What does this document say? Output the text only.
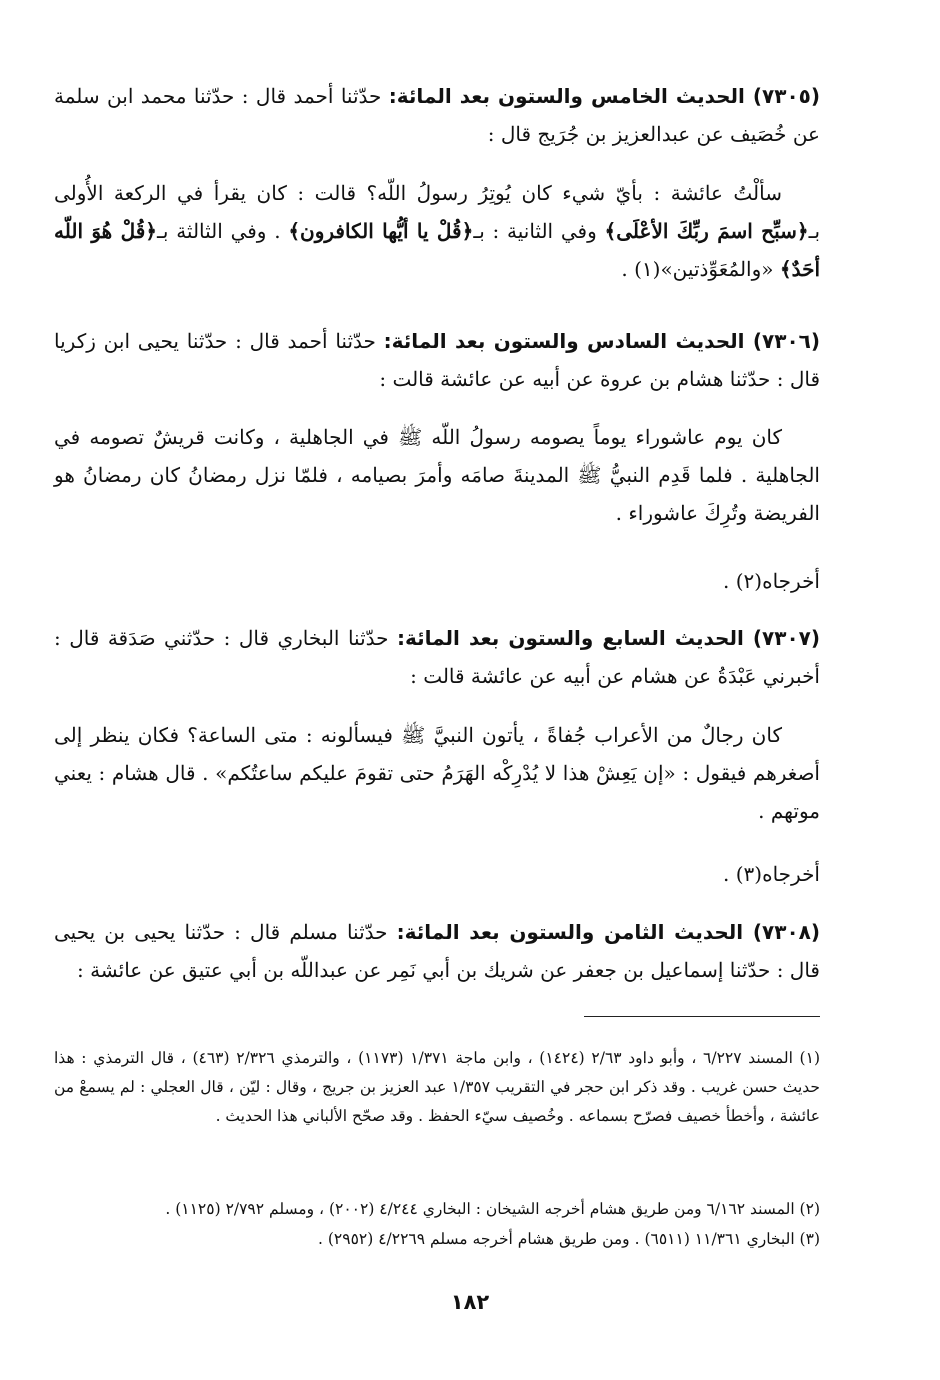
(٧٣٠٥) الحديث الخامس والستون بعد المائة: حدّثنا أحمد قال : حدّثنا محمد ابن سلمة عن خُصَيف عن عبدالعزيز بن جُرَيج قال :

سألْتُ عائشة : بأيّ شيء كان يُوتِرُ رسولُ اللّه؟ قالت : كان يقرأ في الركعة الأُولى بـ﴿سبِّح اسمَ ربِّكَ الأعْلَى﴾ وفي الثانية : بـ﴿قُلْ يا أيُّها الكافرون﴾ . وفي الثالثة بـ﴿قُلْ هُوَ اللّه أحَدٌ﴾ «والمُعَوِّذتين»(١) .

(٧٣٠٦) الحديث السادس والستون بعد المائة: حدّثنا أحمد قال : حدّثنا يحيى ابن زكريا قال : حدّثنا هشام بن عروة عن أبيه عن عائشة قالت :

كان يوم عاشوراء يوماً يصومه رسولُ اللّه ﷺ في الجاهلية ، وكانت قريشٌ تصومه في الجاهلية . فلما قَدِم النبيُّ ﷺ المدينةَ صامَه وأمرَ بصيامه ، فلمّا نزل رمضانُ كان رمضانُ هو الفريضة وتُرِكَ عاشوراء .

أخرجاه(٢) .

(٧٣٠٧) الحديث السابع والستون بعد المائة: حدّثنا البخاري قال : حدّثني صَدَقة قال : أخبرني عَبْدَةُ عن هشام عن أبيه عن عائشة قالت :

كان رجالٌ من الأعراب جُفاةً ، يأتون النبيَّ ﷺ فيسألونه : متى الساعة؟ فكان ينظر إلى أصغرهم فيقول : «إن يَعِشْ هذا لا يُدْرِكْه الهَرَمُ حتى تقومَ عليكم ساعتُكم» . قال هشام : يعني موتهم .

أخرجاه(٣) .

(٧٣٠٨) الحديث الثامن والستون بعد المائة: حدّثنا مسلم قال : حدّثنا يحيى بن يحيى قال : حدّثنا إسماعيل بن جعفر عن شريك بن أبي نَمِر عن عبداللّه بن أبي عتيق عن عائشة :

(١) المسند ٦/٢٢٧ ، وأبو داود ٢/٦٣ (١٤٢٤) ، وابن ماجة ١/٣٧١ (١١٧٣) ، والترمذي ٢/٣٢٦ (٤٦٣) ، قال الترمذي : هذا حديث حسن غريب . وقد ذكر ابن حجر في التقريب ١/٣٥٧ عبد العزيز بن جريج ، وقال : ليّن ، قال العجلي : لم يسمعْ من عائشة ، وأخطأ خصيف فصرّح بسماعه . وخُصيف سيّء الحفظ . وقد صحّح الألباني هذا الحديث .

(٢) المسند ٦/١٦٢ ومن طريق هشام أخرجه الشيخان : البخاري ٤/٢٤٤ (٢٠٠٢) ، ومسلم ٢/٧٩٢ (١١٢٥) .

(٣) البخاري ١١/٣٦١ (٦٥١١) . ومن طريق هشام أخرجه مسلم ٤/٢٢٦٩ (٢٩٥٢) .

١٨٢
